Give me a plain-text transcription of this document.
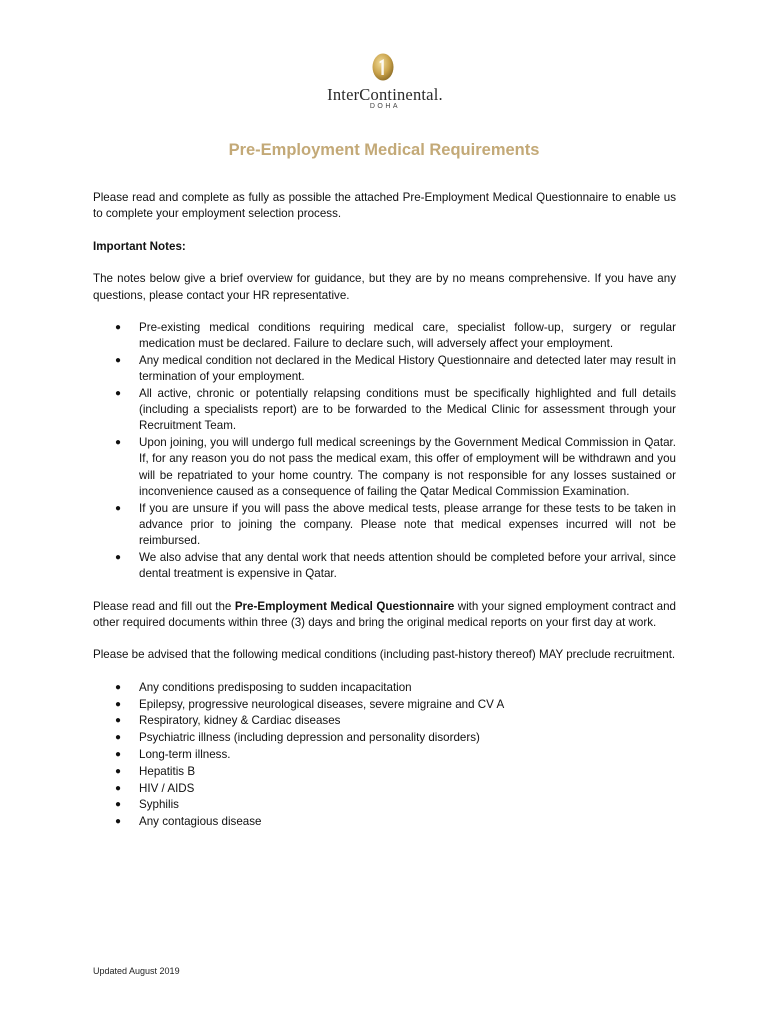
InterContinental.
DOHA
Pre-Employment Medical Requirements

Please read and complete as fully as possible the attached Pre-Employment Medical Questionnaire to enable us to complete your employment selection process.

Important Notes:

The notes below give a brief overview for guidance, but they are by no means comprehensive. If you have any questions, please contact your HR representative.

● Pre-existing medical conditions requiring medical care, specialist follow-up, surgery or regular medication must be declared. Failure to declare such, will adversely affect your employment.
● Any medical condition not declared in the Medical History Questionnaire and detected later may result in termination of your employment.
● All active, chronic or potentially relapsing conditions must be specifically highlighted and full details (including a specialists report) are to be forwarded to the Medical Clinic for assessment through your Recruitment Team.
● Upon joining, you will undergo full medical screenings by the Government Medical Commission in Qatar. If, for any reason you do not pass the medical exam, this offer of employment will be withdrawn and you will be repatriated to your home country. The company is not responsible for any losses sustained or inconvenience caused as a consequence of failing the Qatar Medical Commission Examination.
● If you are unsure if you will pass the above medical tests, please arrange for these tests to be taken in advance prior to joining the company. Please note that medical expenses incurred will not be reimbursed.
● We also advise that any dental work that needs attention should be completed before your arrival, since dental treatment is expensive in Qatar.

Please read and fill out the Pre-Employment Medical Questionnaire with your signed employment contract and other required documents within three (3) days and bring the original medical reports on your first day at work.

Please be advised that the following medical conditions (including past-history thereof) MAY preclude recruitment.

● Any conditions predisposing to sudden incapacitation
● Epilepsy, progressive neurological diseases, severe migraine and CV A
● Respiratory, kidney & Cardiac diseases
● Psychiatric illness (including depression and personality disorders)
● Long-term illness.
● Hepatitis B
● HIV / AIDS
● Syphilis
● Any contagious disease
Updated August 2019
